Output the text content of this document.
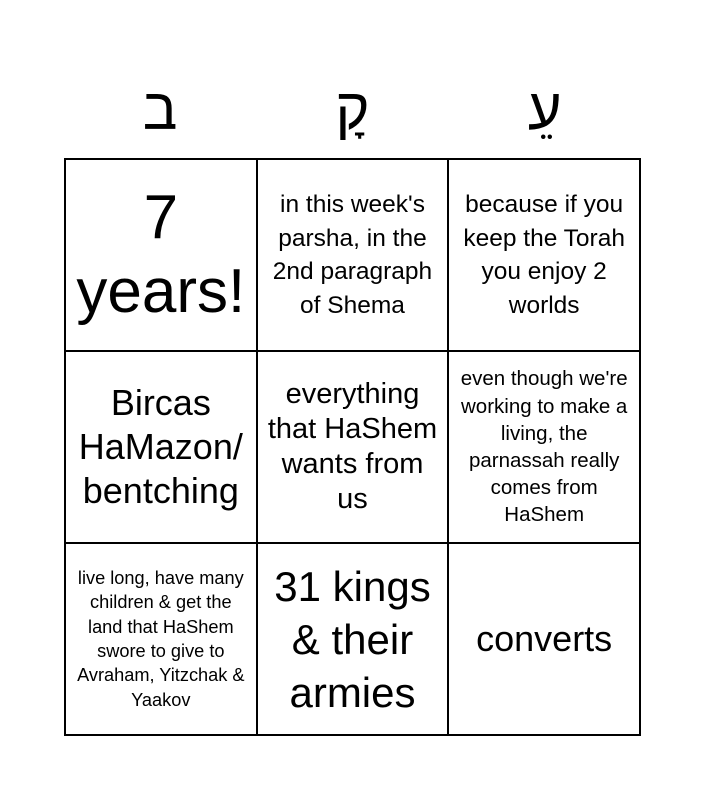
ב	קָ	עֵ
7 years!
in this week's parsha, in the 2nd paragraph of Shema
because if you keep the Torah you enjoy 2 worlds
Bircas HaMazon/ bentching
everything that HaShem wants from us
even though we're working to make a living, the parnassah really comes from HaShem
live long, have many children & get the land that HaShem swore to give to Avraham, Yitzchak & Yaakov
31 kings & their armies
converts
